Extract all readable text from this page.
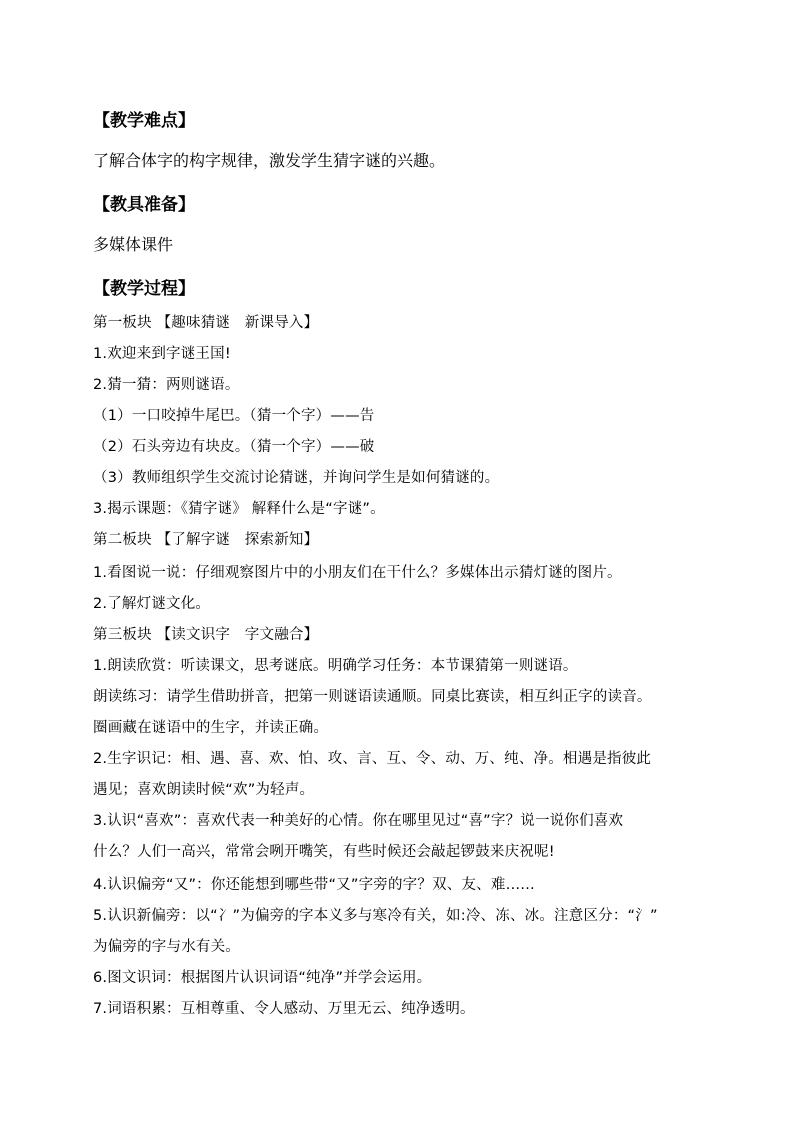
【教学难点】
了解合体字的构字规律，激发学生猜字谜的兴趣。
【教具准备】
多媒体课件
【教学过程】
第一板块 【趣味猜谜　新课导入】
1.欢迎来到字谜王国!
2.猜一猜：两则谜语。
（1）一口咬掉牛尾巴。（猜一个字）——告
（2）石头旁边有块皮。（猜一个字）——破
（3）教师组织学生交流讨论猜谜，并询问学生是如何猜谜的。
3.揭示课题：《猜字谜》 解释什么是“字谜”。
第二板块 【了解字谜　探索新知】
1.看图说一说：仔细观察图片中的小朋友们在干什么？多媒体出示猜灯谜的图片。
2.了解灯谜文化。
第三板块 【读文识字　字文融合】
1.朗读欣赏：听读课文，思考谜底。明确学习任务：本节课猜第一则谜语。
朗读练习：请学生借助拼音，把第一则谜语读通顺。同桌比赛读，相互纠正字的读音。
圈画藏在谜语中的生字，并读正确。
2.生字识记：相、遇、喜、欢、怕、攻、言、互、令、动、万、纯、净。相遇是指彼此
遇见；喜欢朗读时候“欢”为轻声。
3.认识“喜欢”：喜欢代表一种美好的心情。你在哪里见过“喜”字？说一说你们喜欢
什么？人们一高兴，常常会咧开嘴笑，有些时候还会敲起锣鼓来庆祝呢!
4.认识偏旁“又”：你还能想到哪些带“又”字旁的字？双、友、难……
5.认识新偏旁：以“冫”为偏旁的字本义多与寒冷有关，如:冷、冻、冰。注意区分：“氵”
为偏旁的字与水有关。
6.图文识词：根据图片认识词语“纯净”并学会运用。
7.词语积累：互相尊重、令人感动、万里无云、纯净透明。
